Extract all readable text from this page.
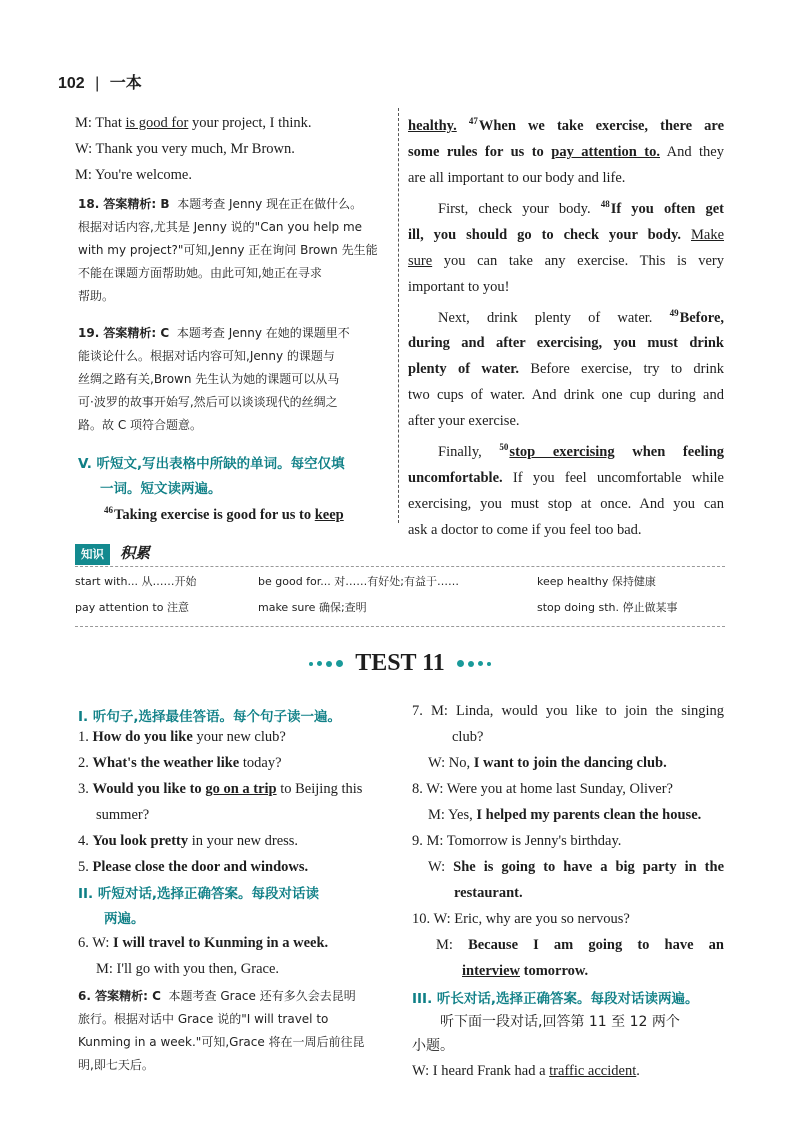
102 | 一本
M: That is good for your project, I think.
W: Thank you very much, Mr Brown.
M: You're welcome.
18. 答案精析: B 本题考查 Jenny 现在正在做什么。
根据对话内容,尤其是 Jenny 说的"Can you help me
with my project?"可知,Jenny 正在询问 Brown 先生能
不能在课题方面帮助她。由此可知,她正在寻求
帮助。
19. 答案精析: C 本题考查 Jenny 在她的课题里不
能谈论什么。根据对话内容可知,Jenny 的课题与
丝绸之路有关,Brown 先生认为她的课题可以从马
可·波罗的故事开始写,然后可以谈谈现代的丝绸之
路。故 C 项符合题意。
V. 听短文,写出表格中所缺的单词。每空仅填
一词。短文读两遍。
$^{46}$Taking exercise is good for us to keep
healthy. $^{47}$When we take exercise, there are
some rules for us to pay attention to. And they
are all important to our body and life.
First, check your body. $^{48}$If you often get
ill, you should go to check your body. Make
sure you can take any exercise. This is very
important to you!
Next, drink plenty of water. $^{49}$Before,
during and after exercising, you must drink
plenty of water. Before exercise, try to drink
two cups of water. And drink one cup during and
after your exercise.
Finally, $^{50}$stop exercising when feeling
uncomfortable. If you feel uncomfortable while
exercising, you must stop at once. And you can
ask a doctor to come if you feel too bad.
知识 积累
start with... 从……开始	be good for... 对……有好处;有益于……	keep healthy 保持健康
pay attention to 注意	make sure 确保;查明	stop doing sth. 停止做某事
TEST 11
I. 听句子,选择最佳答语。每个句子读一遍。
1. How do you like your new club?
2. What's the weather like today?
3. Would you like to go on a trip to Beijing this
summer?
4. You look pretty in your new dress.
5. Please close the door and windows.
II. 听短对话,选择正确答案。每段对话读
两遍。
6. W: I will travel to Kunming in a week.
M: I'll go with you then, Grace.
6. 答案精析: C 本题考查 Grace 还有多久会去昆明
旅行。根据对话中 Grace 说的"I will travel to
Kunming in a week."可知,Grace 将在一周后前往昆
明,即七天后。
7. M: Linda, would you like to join the singing
club?
W: No, I want to join the dancing club.
8. W: Were you at home last Sunday, Oliver?
M: Yes, I helped my parents clean the house.
9. M: Tomorrow is Jenny's birthday.
W: She is going to have a big party in the
restaurant.
10. W: Eric, why are you so nervous?
M: Because I am going to have an
interview tomorrow.
III. 听长对话,选择正确答案。每段对话读两遍。
听下面一段对话,回答第 11 至 12 两个
小题。
W: I heard Frank had a traffic accident.
